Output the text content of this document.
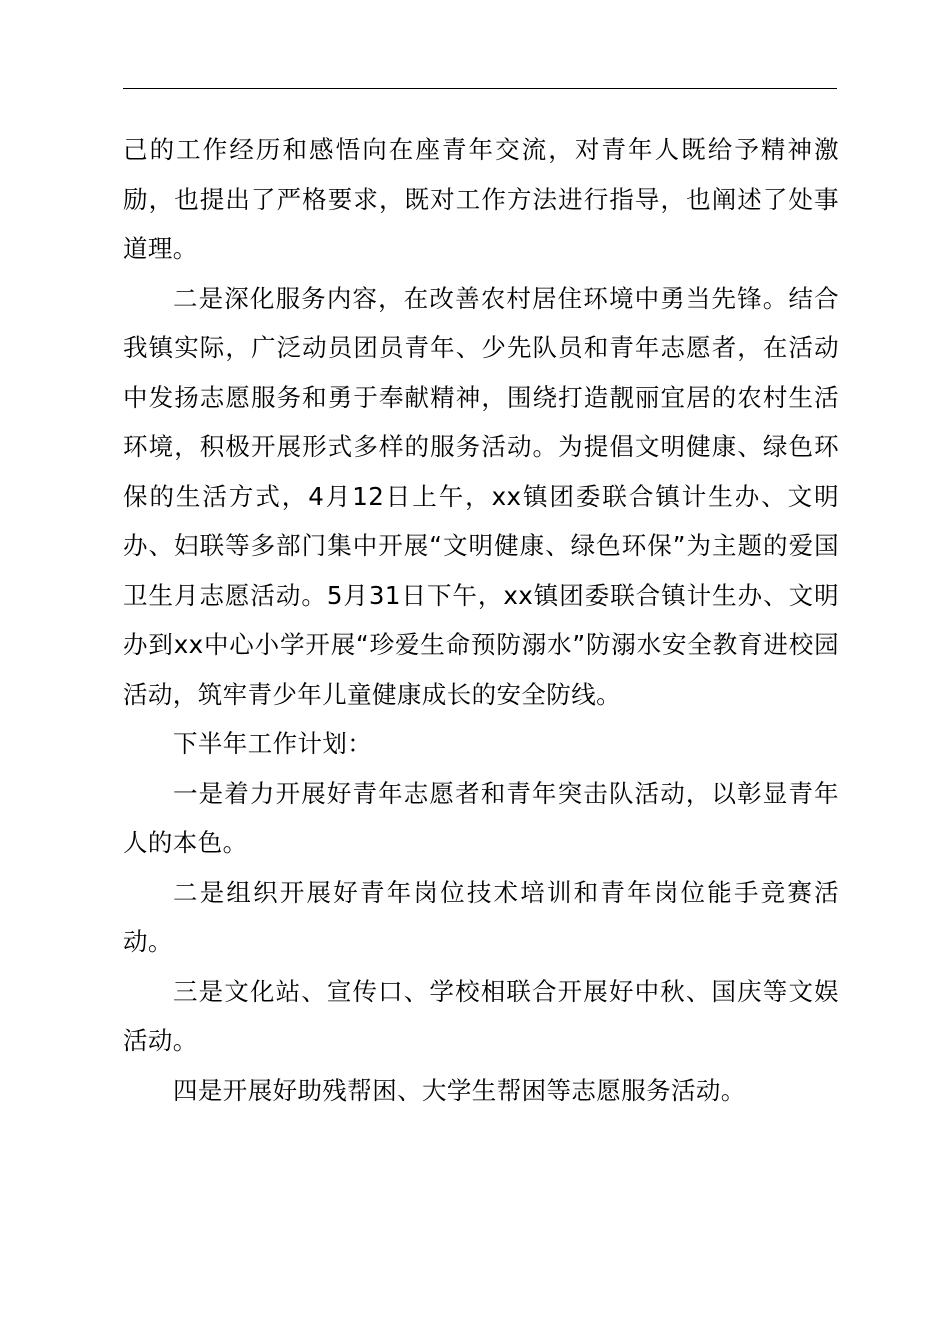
己的工作经历和感悟向在座青年交流，对青年人既给予精神激励，也提出了严格要求，既对工作方法进行指导，也阐述了处事道理。

二是深化服务内容，在改善农村居住环境中勇当先锋。结合我镇实际，广泛动员团员青年、少先队员和青年志愿者，在活动中发扬志愿服务和勇于奉献精神，围绕打造靓丽宜居的农村生活环境，积极开展形式多样的服务活动。为提倡文明健康、绿色环保的生活方式，4月12日上午，xx镇团委联合镇计生办、文明办、妇联等多部门集中开展“文明健康、绿色环保”为主题的爱国卫生月志愿活动。5月31日下午，xx镇团委联合镇计生办、文明办到xx中心小学开展“珍爱生命预防溺水”防溺水安全教育进校园活动，筑牢青少年儿童健康成长的安全防线。

下半年工作计划：

一是着力开展好青年志愿者和青年突击队活动，以彰显青年人的本色。

二是组织开展好青年岗位技术培训和青年岗位能手竞赛活动。

三是文化站、宣传口、学校相联合开展好中秋、国庆等文娱活动。

四是开展好助残帮困、大学生帮困等志愿服务活动。
